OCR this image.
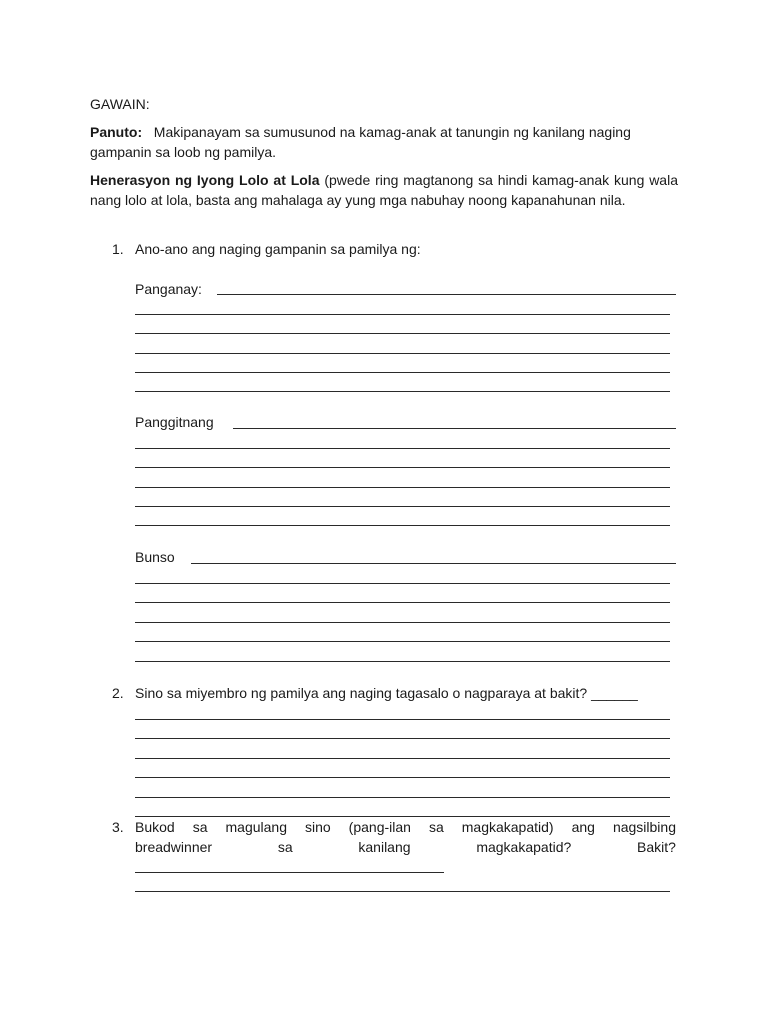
GAWAIN:
Panuto: Makipanayam sa sumusunod na kamag-anak at tanungin ng kanilang naging gampanin sa loob ng pamilya.
Henerasyon ng Iyong Lolo at Lola (pwede ring magtanong sa hindi kamag-anak kung wala nang lolo at lola, basta ang mahalaga ay yung mga nabuhay noong kapanahunan nila.
1. Ano-ano ang naging gampanin sa pamilya ng:
Panganay:
Panggitnang
Bunso
2. Sino sa miyembro ng pamilya ang naging tagasalo o nagparaya at bakit? ______
3. Bukod sa magulang sino (pang-ilan sa magkakapatid) ang nagsilbing
breadwinner	sa	kanilang	magkakapatid?	Bakit?
